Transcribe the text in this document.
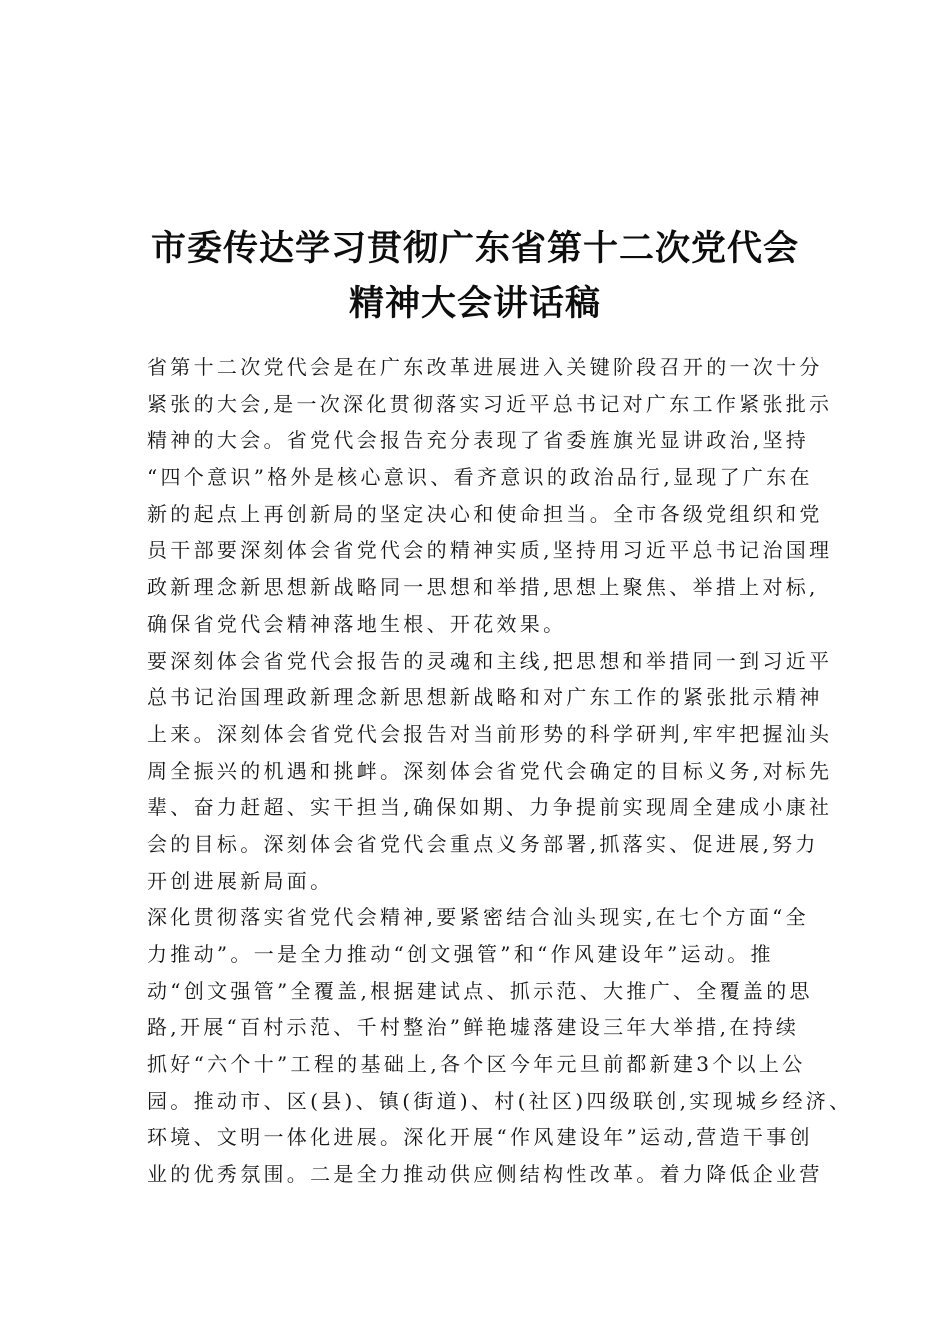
市委传达学习贯彻广东省第十二次党代会
精神大会讲话稿
省第十二次党代会是在广东改革进展进入关键阶段召开的一次十分
紧张的大会,是一次深化贯彻落实习近平总书记对广东工作紧张批示
精神的大会。省党代会报告充分表现了省委旌旗光显讲政治,坚持
“四个意识”格外是核心意识、看齐意识的政治品行,显现了广东在
新的起点上再创新局的坚定决心和使命担当。全市各级党组织和党
员干部要深刻体会省党代会的精神实质,坚持用习近平总书记治国理
政新理念新思想新战略同一思想和举措,思想上聚焦、举措上对标,
确保省党代会精神落地生根、开花效果。
要深刻体会省党代会报告的灵魂和主线,把思想和举措同一到习近平
总书记治国理政新理念新思想新战略和对广东工作的紧张批示精神
上来。深刻体会省党代会报告对当前形势的科学研判,牢牢把握汕头
周全振兴的机遇和挑衅。深刻体会省党代会确定的目标义务,对标先
辈、奋力赶超、实干担当,确保如期、力争提前实现周全建成小康社
会的目标。深刻体会省党代会重点义务部署,抓落实、促进展,努力
开创进展新局面。
深化贯彻落实省党代会精神,要紧密结合汕头现实,在七个方面“全
力推动”。一是全力推动“创文强管”和“作风建设年”运动。推
动“创文强管”全覆盖,根据建试点、抓示范、大推广、全覆盖的思
路,开展“百村示范、千村整治”鲜艳墟落建设三年大举措,在持续
抓好“六个十”工程的基础上,各个区今年元旦前都新建3个以上公
园。推动市、区(县)、镇(街道)、村(社区)四级联创,实现城乡经济、
环境、文明一体化进展。深化开展“作风建设年”运动,营造干事创
业的优秀氛围。二是全力推动供应侧结构性改革。着力降低企业营
